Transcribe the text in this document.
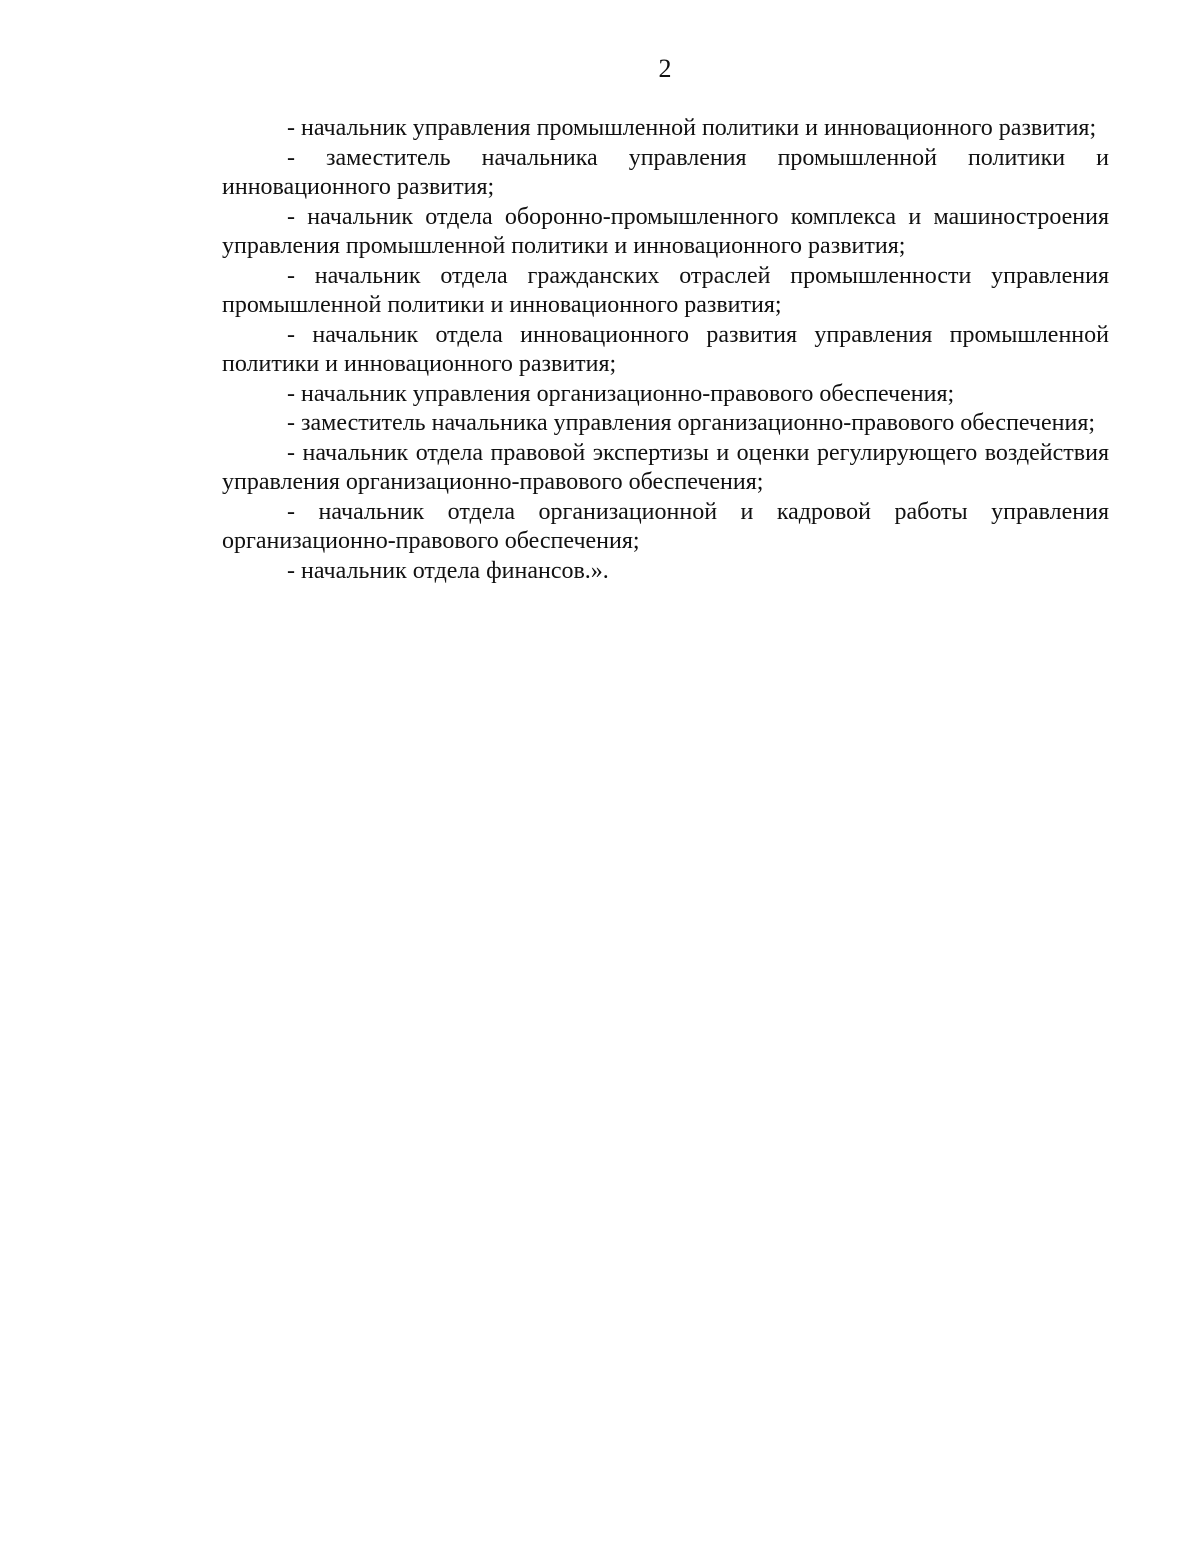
2

- начальник управления промышленной политики и инновационного развития;

- заместитель начальника управления промышленной политики и инновационного развития;

- начальник отдела оборонно-промышленного комплекса и машиностроения управления промышленной политики и инновационного развития;

- начальник отдела гражданских отраслей промышленности управления промышленной политики и инновационного развития;

- начальник отдела инновационного развития управления промышленной политики и инновационного развития;

- начальник управления организационно-правового обеспечения;

- заместитель начальника управления организационно-правового обеспечения;

- начальник отдела правовой экспертизы и оценки регулирующего воздействия управления организационно-правового обеспечения;

- начальник отдела организационной и кадровой работы управления организационно-правового обеспечения;

- начальник отдела финансов.».
